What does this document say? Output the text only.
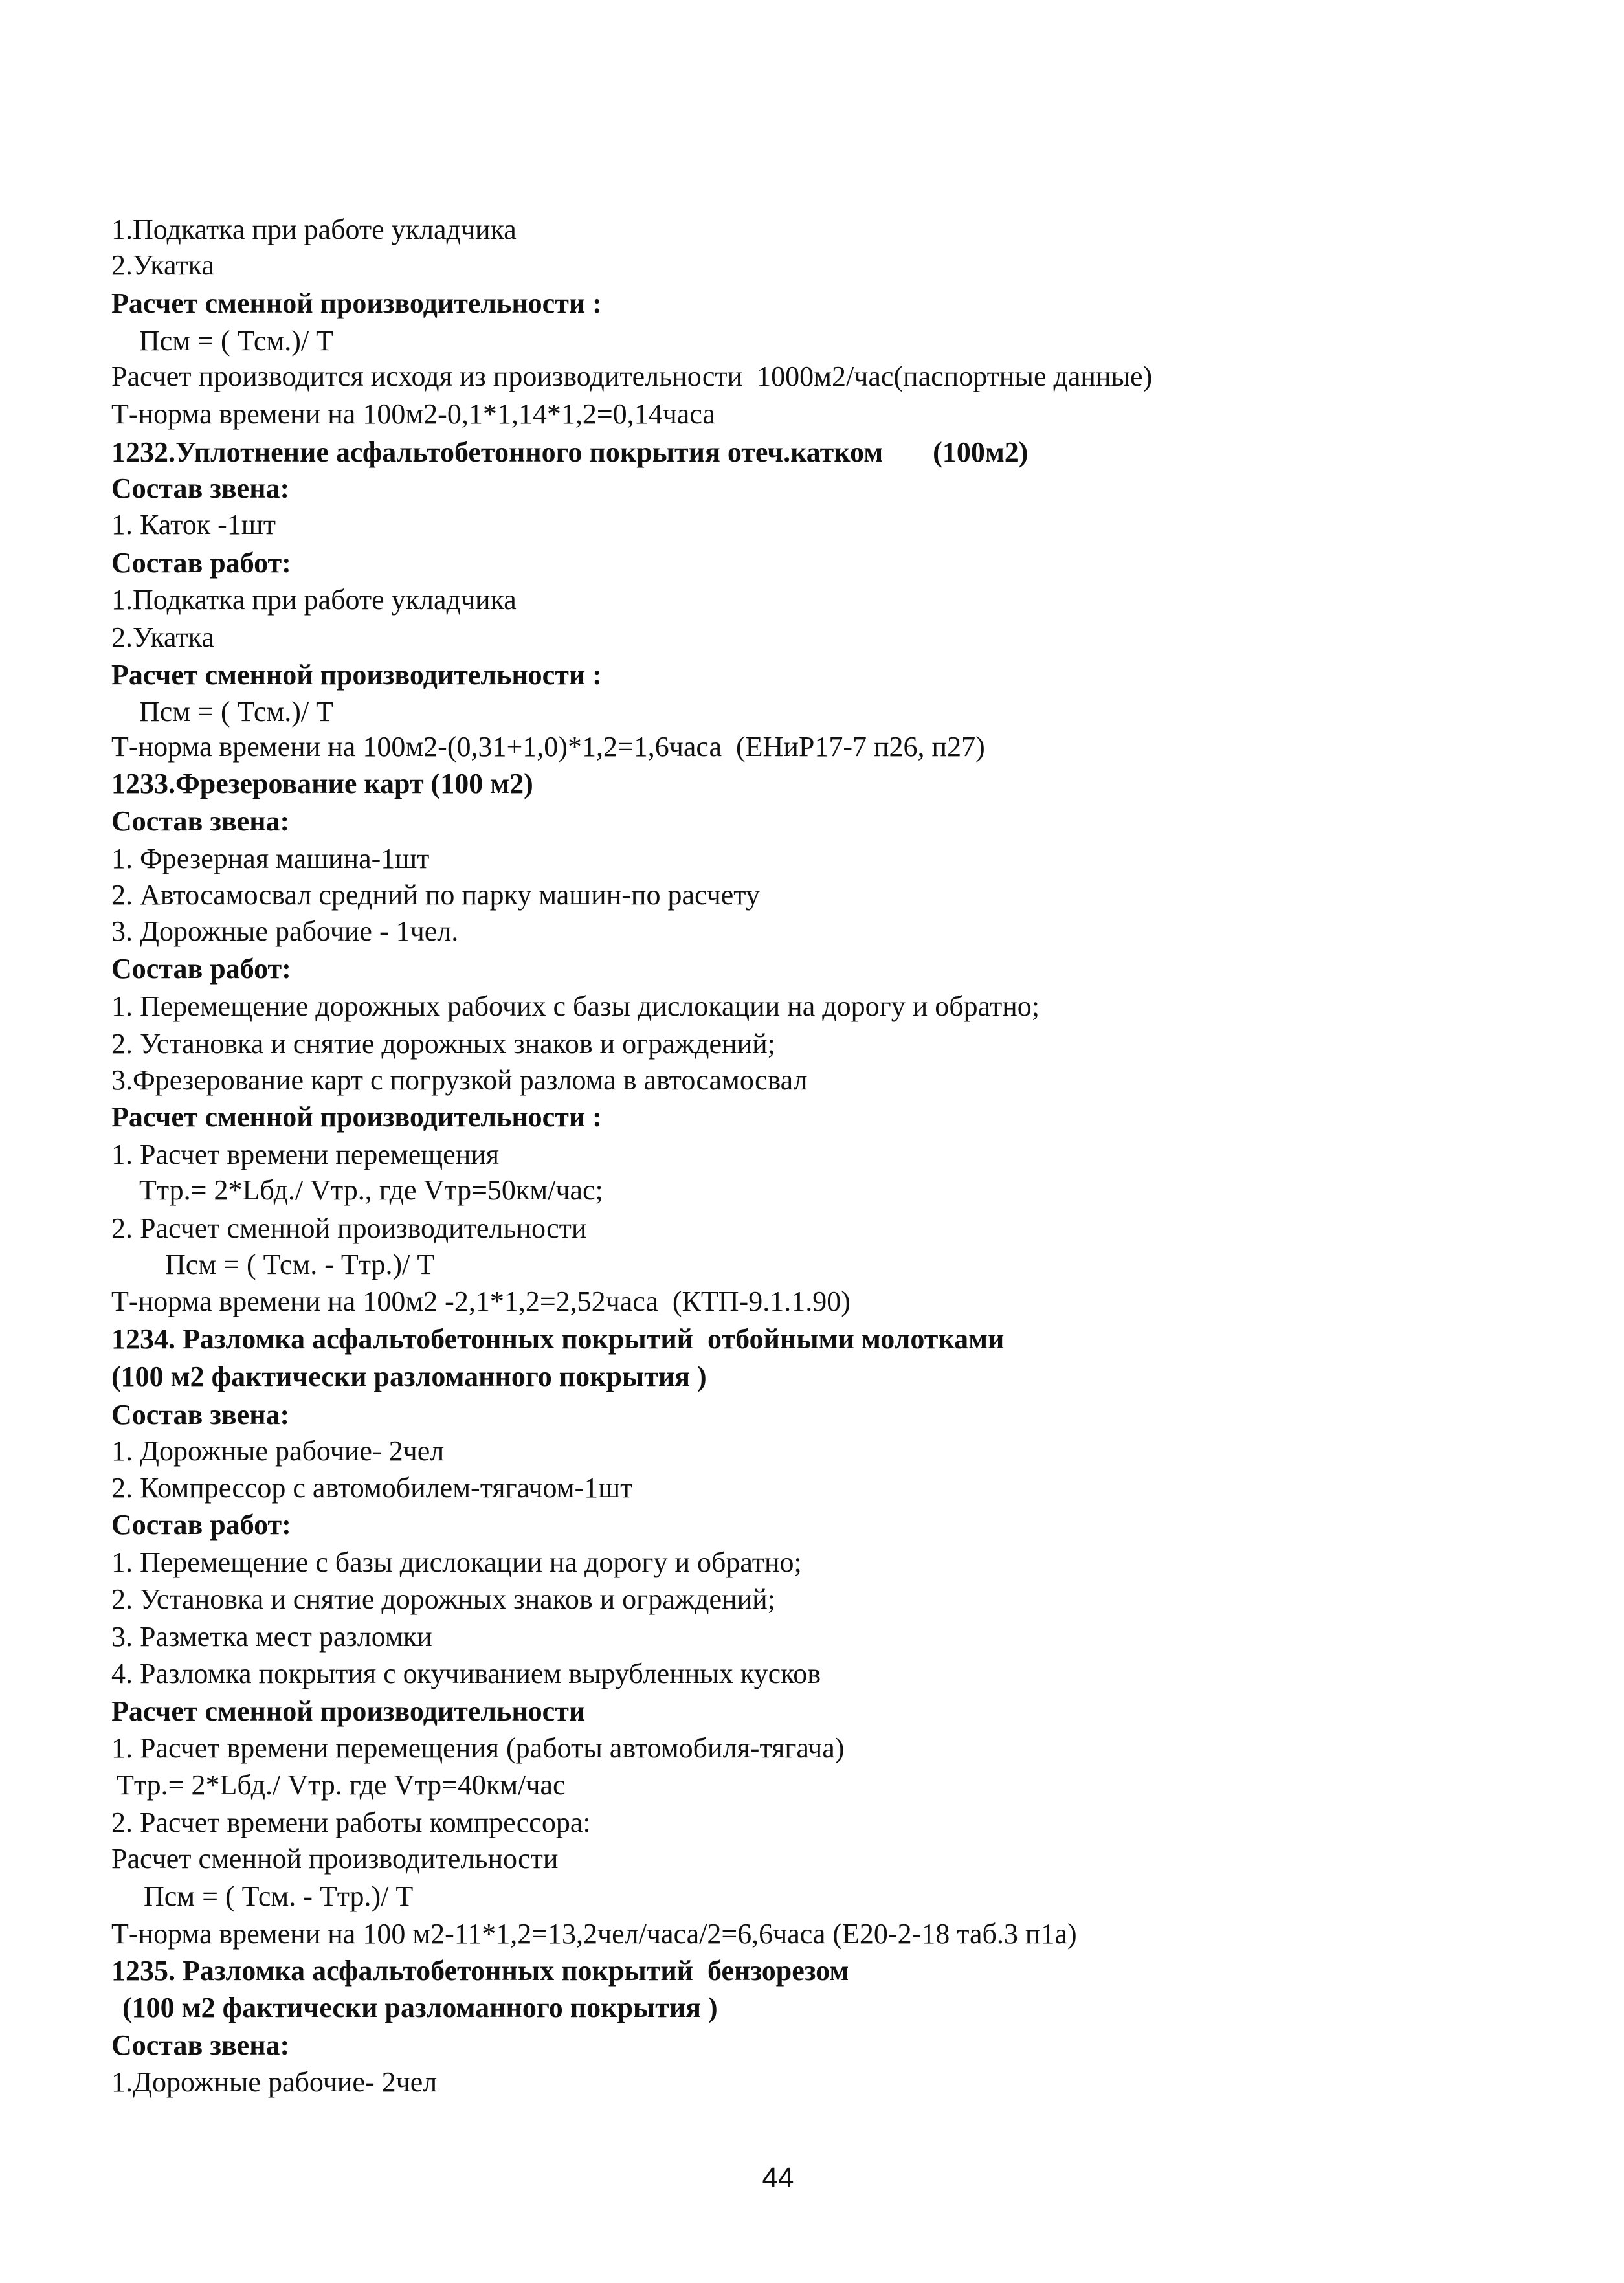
1.Подкатка при работе укладчика
2.Укатка
Расчет сменной производительности :
Псм = ( Тсм.)/ Т
Расчет производится исходя из производительности  1000м2/час(паспортные данные)
Т-норма времени на 100м2-0,1*1,14*1,2=0,14часа
1232.Уплотнение асфальтобетонного покрытия отеч.катком       (100м2)
Состав звена:
1. Каток -1шт
Состав работ:
1.Подкатка при работе укладчика
2.Укатка
Расчет сменной производительности :
Псм = ( Тсм.)/ Т
Т-норма времени на 100м2-(0,31+1,0)*1,2=1,6часа  (ЕНиР17-7 п26, п27)
1233.Фрезерование карт (100 м2)
Состав звена:
1. Фрезерная машина-1шт
2. Автосамосвал средний по парку машин-по расчету
3. Дорожные рабочие - 1чел.
Состав работ:
1. Перемещение дорожных рабочих с базы дислокации на дорогу и обратно;
2. Установка и снятие дорожных знаков и ограждений;
3.Фрезерование карт с погрузкой разлома в автосамосвал
Расчет сменной производительности :
1. Расчет времени перемещения
Ттр.= 2*Lбд./ Vтр., где Vтр=50км/час;
2. Расчет сменной производительности
Псм = ( Тсм. - Ттр.)/ Т
Т-норма времени на 100м2 -2,1*1,2=2,52часа  (КТП-9.1.1.90)
1234. Разломка асфальтобетонных покрытий  отбойными молотками
(100 м2 фактически разломанного покрытия )
Состав звена:
1. Дорожные рабочие- 2чел
2. Компрессор с автомобилем-тягачом-1шт
Состав работ:
1. Перемещение с базы дислокации на дорогу и обратно;
2. Установка и снятие дорожных знаков и ограждений;
3. Разметка мест разломки
4. Разломка покрытия с окучиванием вырубленных кусков
Расчет сменной производительности
1. Расчет времени перемещения (работы автомобиля-тягача)
Ттр.= 2*Lбд./ Vтр. где Vтр=40км/час
2. Расчет времени работы компрессора:
Расчет сменной производительности
Псм = ( Тсм. - Ттр.)/ Т
Т-норма времени на 100 м2-11*1,2=13,2чел/часа/2=6,6часа (Е20-2-18 таб.3 п1а)
1235. Разломка асфальтобетонных покрытий  бензорезом
(100 м2 фактически разломанного покрытия )
Состав звена:
1.Дорожные рабочие- 2чел
44
